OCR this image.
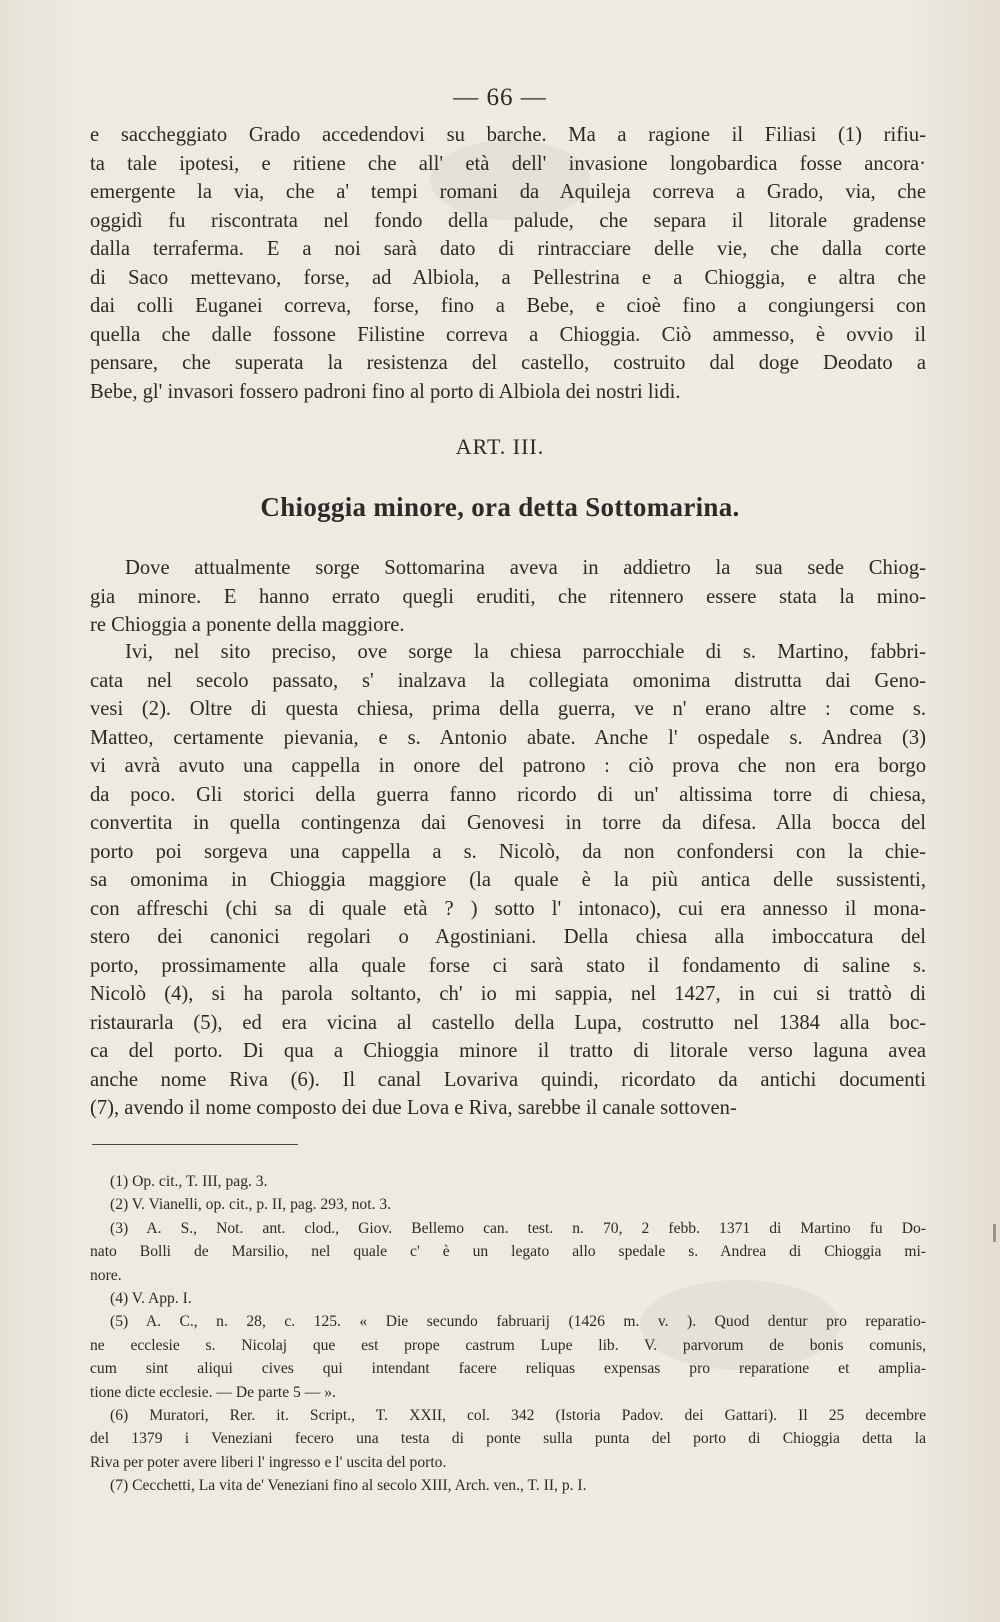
— 66 —
e saccheggiato Grado accedendovi su barche. Ma a ragione il Filiasi (1) rifiu-
ta tale ipotesi, e ritiene che all' età dell' invasione longobardica fosse ancora·
emergente la via, che a' tempi romani da Aquileja correva a Grado, via, che
oggidì fu riscontrata nel fondo della palude, che separa il litorale gradense
dalla terraferma. E a noi sarà dato di rintracciare delle vie, che dalla corte
di Saco mettevano, forse, ad Albiola, a Pellestrina e a Chioggia, e altra che
dai colli Euganei correva, forse, fino a Bebe, e cioè fino a congiungersi con
quella che dalle fossone Filistine correva a Chioggia. Ciò ammesso, è ovvio il
pensare, che superata la resistenza del castello, costruito dal doge Deodato a
Bebe, gl' invasori fossero padroni fino al porto di Albiola dei nostri lidi.
ART. III.
Chioggia minore, ora detta Sottomarina.
Dove attualmente sorge Sottomarina aveva in addietro la sua sede Chiog-
gia minore. E hanno errato quegli eruditi, che ritennero essere stata la mino-
re Chioggia a ponente della maggiore.
Ivi, nel sito preciso, ove sorge la chiesa parrocchiale di s. Martino, fabbri-
cata nel secolo passato, s' inalzava la collegiata omonima distrutta dai Geno-
vesi (2). Oltre di questa chiesa, prima della guerra, ve n' erano altre : come s.
Matteo, certamente pievania, e s. Antonio abate. Anche l' ospedale s. Andrea (3)
vi avrà avuto una cappella in onore del patrono : ciò prova che non era borgo
da poco. Gli storici della guerra fanno ricordo di un' altissima torre di chiesa,
convertita in quella contingenza dai Genovesi in torre da difesa. Alla bocca del
porto poi sorgeva una cappella a s. Nicolò, da non confondersi con la chie-
sa omonima in Chioggia maggiore (la quale è la più antica delle sussistenti,
con affreschi (chi sa di quale età ? ) sotto l' intonaco), cui era annesso il mona-
stero dei canonici regolari o Agostiniani. Della chiesa alla imboccatura del
porto, prossimamente alla quale forse ci sarà stato il fondamento di saline s.
Nicolò (4), si ha parola soltanto, ch' io mi sappia, nel 1427, in cui si trattò di
ristaurarla (5), ed era vicina al castello della Lupa, costrutto nel 1384 alla boc-
ca del porto. Di qua a Chioggia minore il tratto di litorale verso laguna avea
anche nome Riva (6). Il canal Lovariva quindi, ricordato da antichi documenti
(7), avendo il nome composto dei due Lova e Riva, sarebbe il canale sottoven-
(1) Op. cit., T. III, pag. 3.
(2) V. Vianelli, op. cit., p. II, pag. 293, not. 3.
(3) A. S., Not. ant. clod., Giov. Bellemo can. test. n. 70, 2 febb. 1371 di Martino fu Do-
nato Bolli de Marsilio, nel quale c' è un legato allo spedale s. Andrea di Chioggia mi-
nore.
(4) V. App. I.
(5) A. C., n. 28, c. 125. « Die secundo fabruarij (1426 m. v. ). Quod dentur pro reparatio-
ne ecclesie s. Nicolaj que est prope castrum Lupe lib. V. parvorum de bonis comunis,
cum sint aliqui cives qui intendant facere reliquas expensas pro reparatione et amplia-
tione dicte ecclesie. — De parte 5 — ».
(6) Muratori, Rer. it. Script., T. XXII, col. 342 (Istoria Padov. dei Gattari). Il 25 decembre
del 1379 i Veneziani fecero una testa di ponte sulla punta del porto di Chioggia detta la
Riva per poter avere liberi l' ingresso e l' uscita del porto.
(7) Cecchetti, La vita de' Veneziani fino al secolo XIII, Arch. ven., T. II, p. I.
